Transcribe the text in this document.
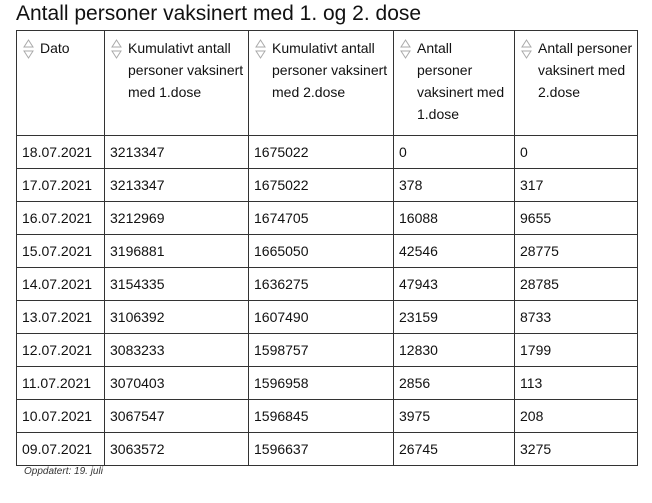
Antall personer vaksinert med 1. og 2. dose
Dato	Kumulativt antall personer vaksinert med 1.dose	Kumulativt antall personer vaksinert med 2.dose	Antall personer vaksinert med 1.dose	Antall personer vaksinert med 2.dose

18.07.2021	3213347	1675022	0	0
17.07.2021	3213347	1675022	378	317
16.07.2021	3212969	1674705	16088	9655
15.07.2021	3196881	1665050	42546	28775
14.07.2021	3154335	1636275	47943	28785
13.07.2021	3106392	1607490	23159	8733
12.07.2021	3083233	1598757	12830	1799
11.07.2021	3070403	1596958	2856	113
10.07.2021	3067547	1596845	3975	208
09.07.2021	3063572	1596637	26745	3275
Oppdatert: 19. juli
